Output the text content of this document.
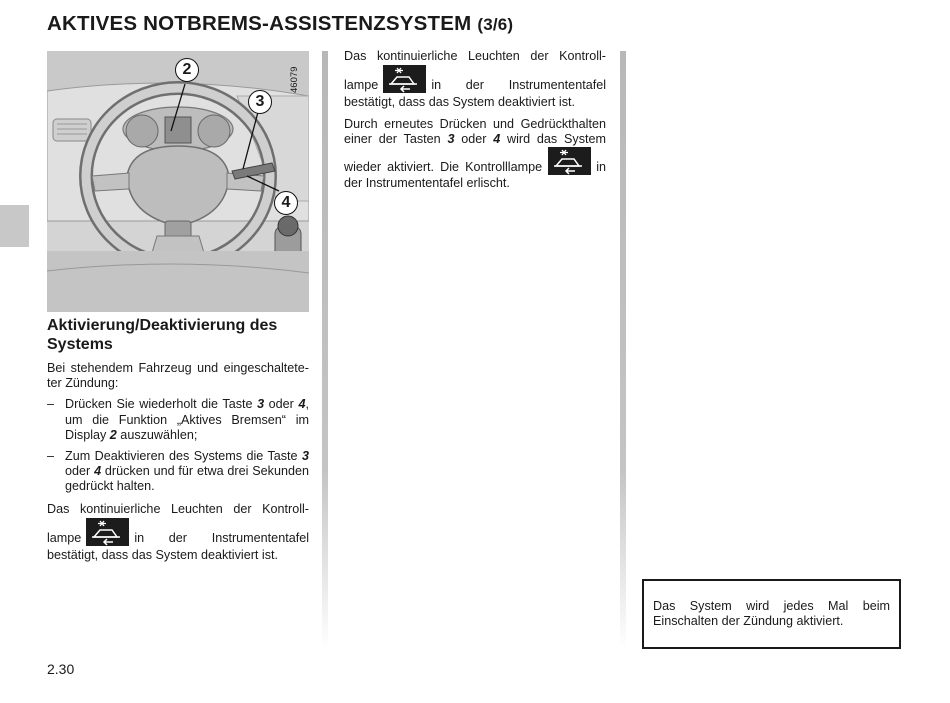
AKTIVES NOTBREMS-ASSISTENZSYSTEM (3/6)
46079
2
3
4
Aktivierung/Deaktivierung des Systems

Bei stehendem Fahrzeug und eingeschaltete-ter Zündung:

– Drücken Sie wiederholt die Taste 3 oder 4, um die Funktion „Aktives Bremsen“ im Display 2 auszuwählen;

– Zum Deaktivieren des Systems die Taste 3 oder 4 drücken und für etwa drei Sekunden gedrückt halten.

Das kontinuierliche Leuchten der Kontroll-lampe	in der Instrumententafel bestätigt, dass das System deaktiviert ist.

Das kontinuierliche Leuchten der Kontroll-lampe	in der Instrumententafel bestätigt, dass das System deaktiviert ist.

Durch erneutes Drücken und Gedrückthalten einer der Tasten 3 oder 4 wird das System wieder aktiviert. Die Kontrolllampe	in der Instrumententafel erlischt.

Das System wird jedes Mal beim Einschalten der Zündung aktiviert.

2.30
